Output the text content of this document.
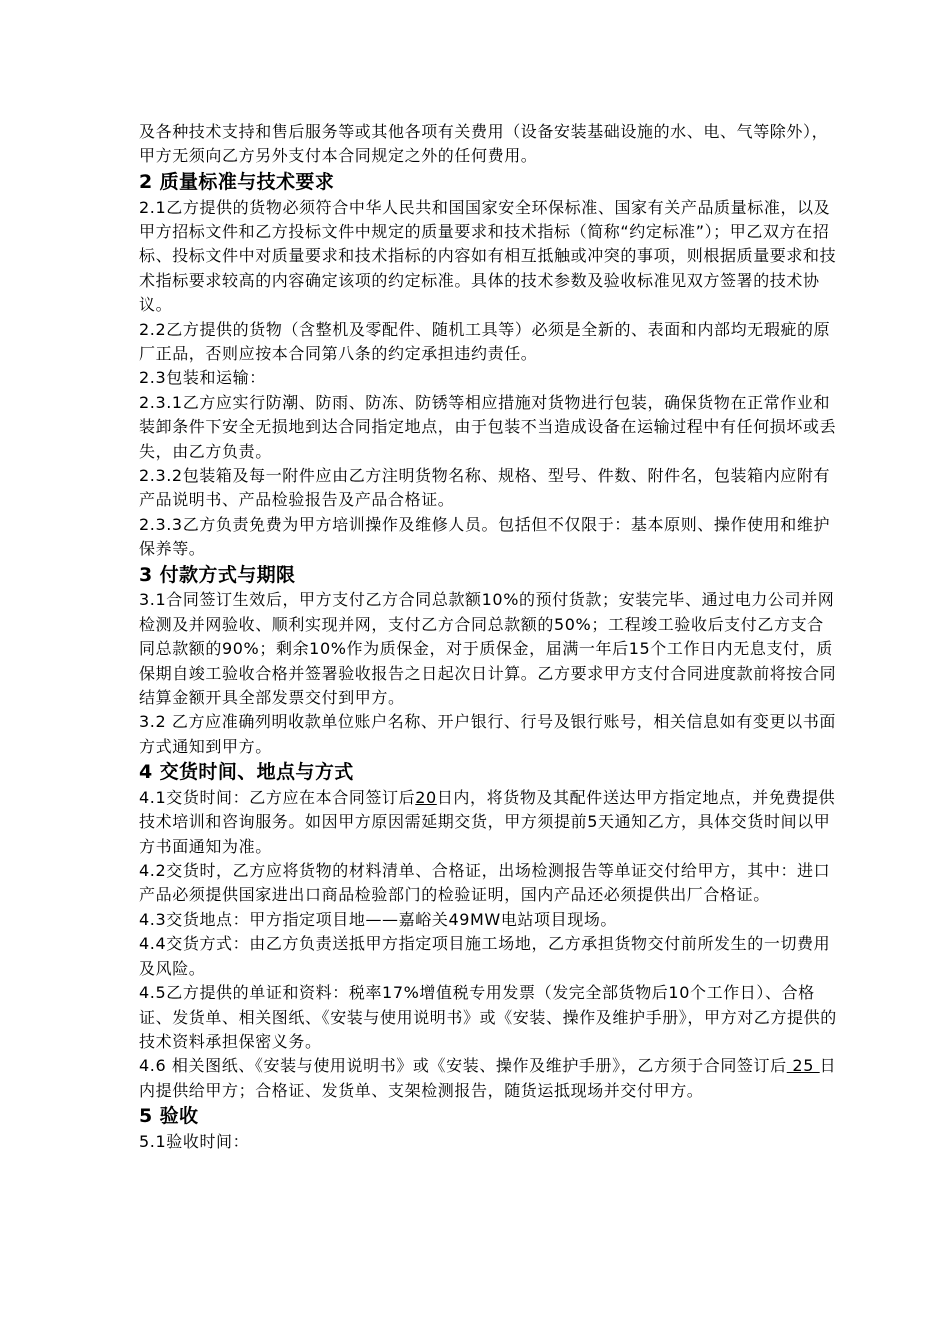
及各种技术支持和售后服务等或其他各项有关费用（设备安装基础设施的水、电、气等除外），甲方无须向乙方另外支付本合同规定之外的任何费用。

2 质量标准与技术要求

2.1乙方提供的货物必须符合中华人民共和国国家安全环保标准、国家有关产品质量标准，以及甲方招标文件和乙方投标文件中规定的质量要求和技术指标（简称“约定标准”）；甲乙双方在招标、投标文件中对质量要求和技术指标的内容如有相互抵触或冲突的事项，则根据质量要求和技术指标要求较高的内容确定该项的约定标准。具体的技术参数及验收标准见双方签署的技术协议。

2.2乙方提供的货物（含整机及零配件、随机工具等）必须是全新的、表面和内部均无瑕疵的原厂正品，否则应按本合同第八条的约定承担违约责任。

2.3包装和运输：

2.3.1乙方应实行防潮、防雨、防冻、防锈等相应措施对货物进行包装，确保货物在正常作业和装卸条件下安全无损地到达合同指定地点，由于包装不当造成设备在运输过程中有任何损坏或丢失，由乙方负责。

2.3.2包装箱及每一附件应由乙方注明货物名称、规格、型号、件数、附件名，包装箱内应附有产品说明书、产品检验报告及产品合格证。

2.3.3乙方负责免费为甲方培训操作及维修人员。包括但不仅限于：基本原则、操作使用和维护保养等。

3 付款方式与期限

3.1合同签订生效后，甲方支付乙方合同总款额10%的预付货款；安装完毕、通过电力公司并网检测及并网验收、顺利实现并网，支付乙方合同总款额的50%；工程竣工验收后支付乙方支合同总款额的90%；剩余10%作为质保金，对于质保金，届满一年后15个工作日内无息支付，质保期自竣工验收合格并签署验收报告之日起次日计算。乙方要求甲方支付合同进度款前将按合同结算金额开具全部发票交付到甲方。

3.2 乙方应准确列明收款单位账户名称、开户银行、行号及银行账号，相关信息如有变更以书面方式通知到甲方。

4 交货时间、地点与方式

4.1交货时间：乙方应在本合同签订后20日内，将货物及其配件送达甲方指定地点，并免费提供技术培训和咨询服务。如因甲方原因需延期交货，甲方须提前5天通知乙方，具体交货时间以甲方书面通知为准。

4.2交货时，乙方应将货物的材料清单、合格证，出场检测报告等单证交付给甲方，其中：进口产品必须提供国家进出口商品检验部门的检验证明，国内产品还必须提供出厂合格证。

4.3交货地点：甲方指定项目地——嘉峪关49MW电站项目现场。

4.4交货方式：由乙方负责送抵甲方指定项目施工场地，乙方承担货物交付前所发生的一切费用及风险。

4.5乙方提供的单证和资料：税率17%增值税专用发票（发完全部货物后10个工作日）、合格证、发货单、相关图纸、《安装与使用说明书》或《安装、操作及维护手册》，甲方对乙方提供的技术资料承担保密义务。

4.6 相关图纸、《安装与使用说明书》或《安装、操作及维护手册》，乙方须于合同签订后 25 日内提供给甲方；合格证、发货单、支架检测报告，随货运抵现场并交付甲方。

5 验收

5.1验收时间：
